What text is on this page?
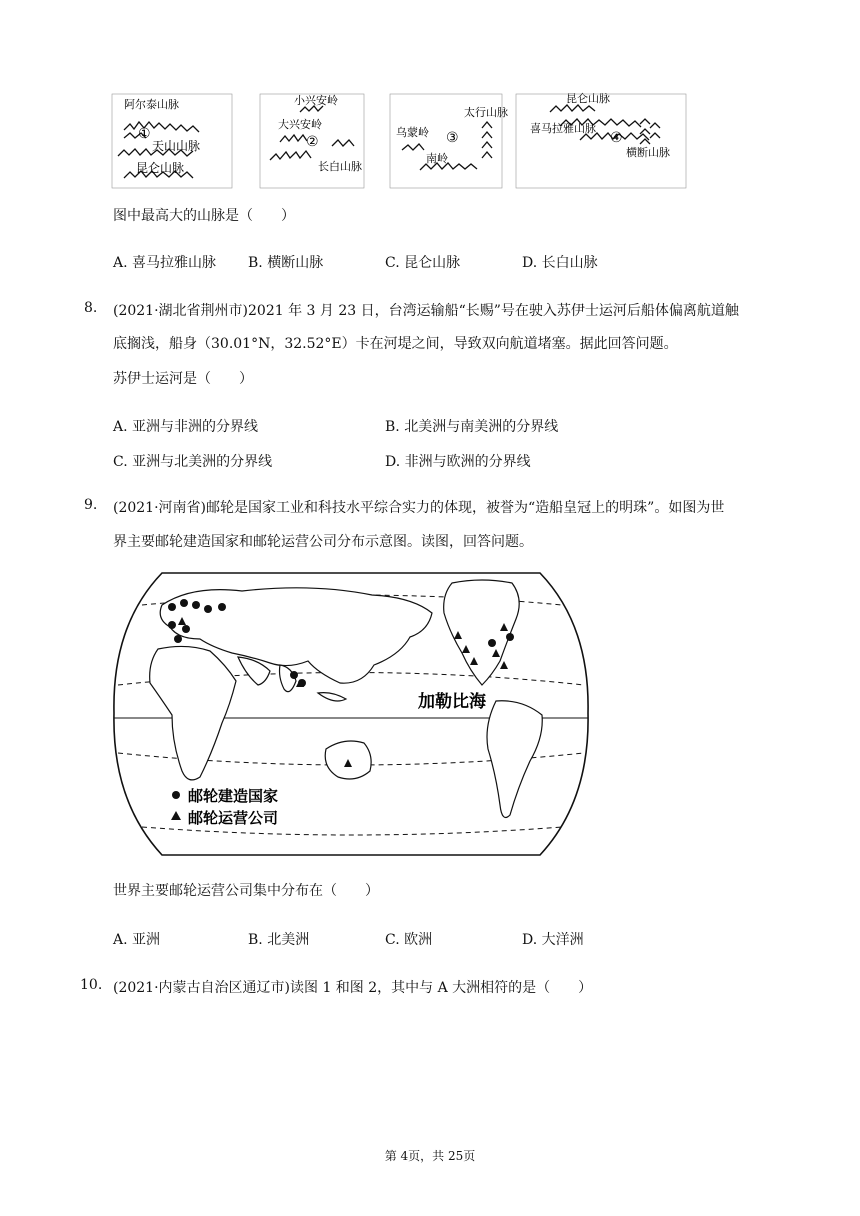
阿尔泰山脉
①
天山山脉
昆仑山脉
大兴安岭
小兴安岭
②
长白山脉
乌蒙岭 ③
南岭
太行山脉
昆仑山脉
喜马拉雅山脉
④
横断山脉
图中最高大的山脉是（　　）
A. 喜马拉雅山脉 B. 横断山脉	C. 昆仑山脉	D. 长白山脉
8. (2021·湖北省荆州市)2021 年 3 月 23 日，台湾运输船“长赐”号在驶入苏伊士运河后船体偏离航道触
底搁浅，船身（30.01°N，32.52°E）卡在河堤之间，导致双向航道堵塞。据此回答问题。
苏伊士运河是（　　）
A. 亚洲与非洲的分界线	B. 北美洲与南美洲的分界线
C. 亚洲与北美洲的分界线	D. 非洲与欧洲的分界线
9. (2021·河南省)邮轮是国家工业和科技水平综合实力的体现，被誉为“造船皇冠上的明珠”。如图为世
界主要邮轮建造国家和邮轮运营公司分布示意图。读图，回答问题。
加勒比海
邮轮建造国家
邮轮运营公司
世界主要邮轮运营公司集中分布在（　　）
A. 亚洲	B. 北美洲	C. 欧洲	D. 大洋洲
10. (2021·内蒙古自治区通辽市)读图 1 和图 2，其中与 A 大洲相符的是（　　）
第 4页，共 25页
